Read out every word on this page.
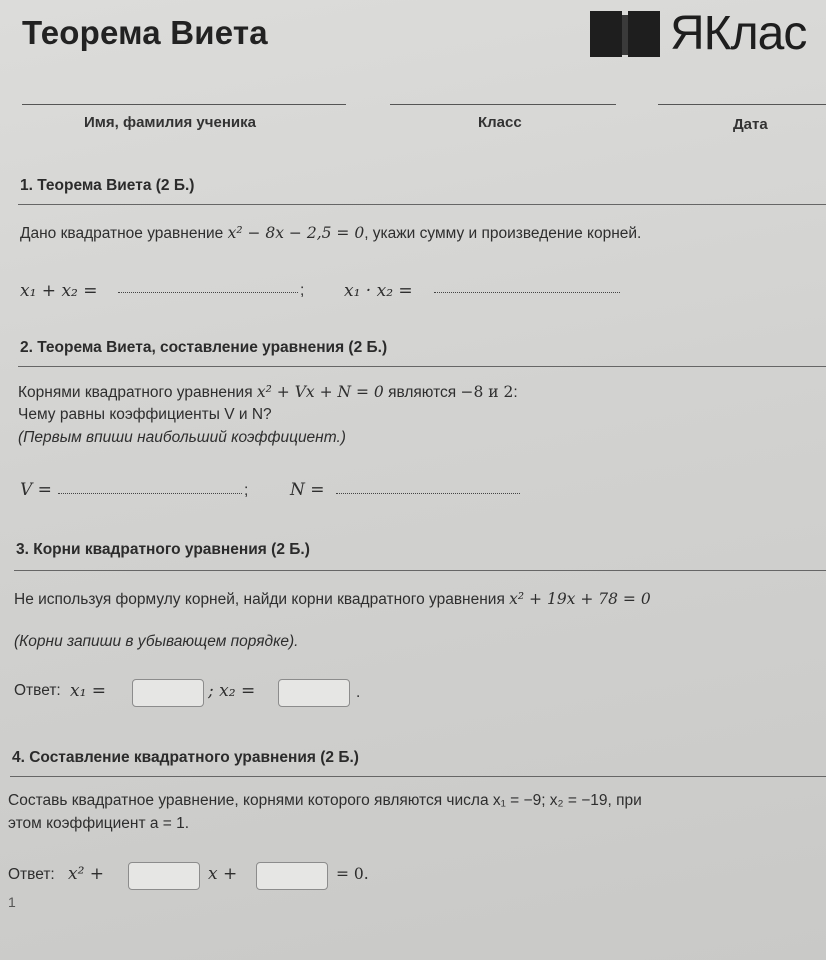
Теорема Виета	ЯКлас
Имя, фамилия ученика	Класс	Дата
1. Теорема Виета (2 Б.)
Дано квадратное уравнение x² − 8x − 2,5 = 0, укажи сумму и произведение корней.
x₁ + x₂ =	; x₁ · x₂ =
2. Теорема Виета, составление уравнения (2 Б.)
Корнями квадратного уравнения x² + Vx + N = 0 являются −8 и 2:
Чему равны коэффициенты V и N?
(Первым впиши наибольший коэффициент.)
V =	; N =
3. Корни квадратного уравнения (2 Б.)
Не используя формулу корней, найди корни квадратного уравнения x² + 19x + 78 = 0
(Корни запиши в убывающем порядке).
Ответ: x₁ =	; x₂ =	.
4. Составление квадратного уравнения (2 Б.)
Составь квадратное уравнение, корнями которого являются числа x₁ = −9; x₂ = −19, при
этом коэффициент a = 1.
Ответ: x² +	x +	= 0.
1
